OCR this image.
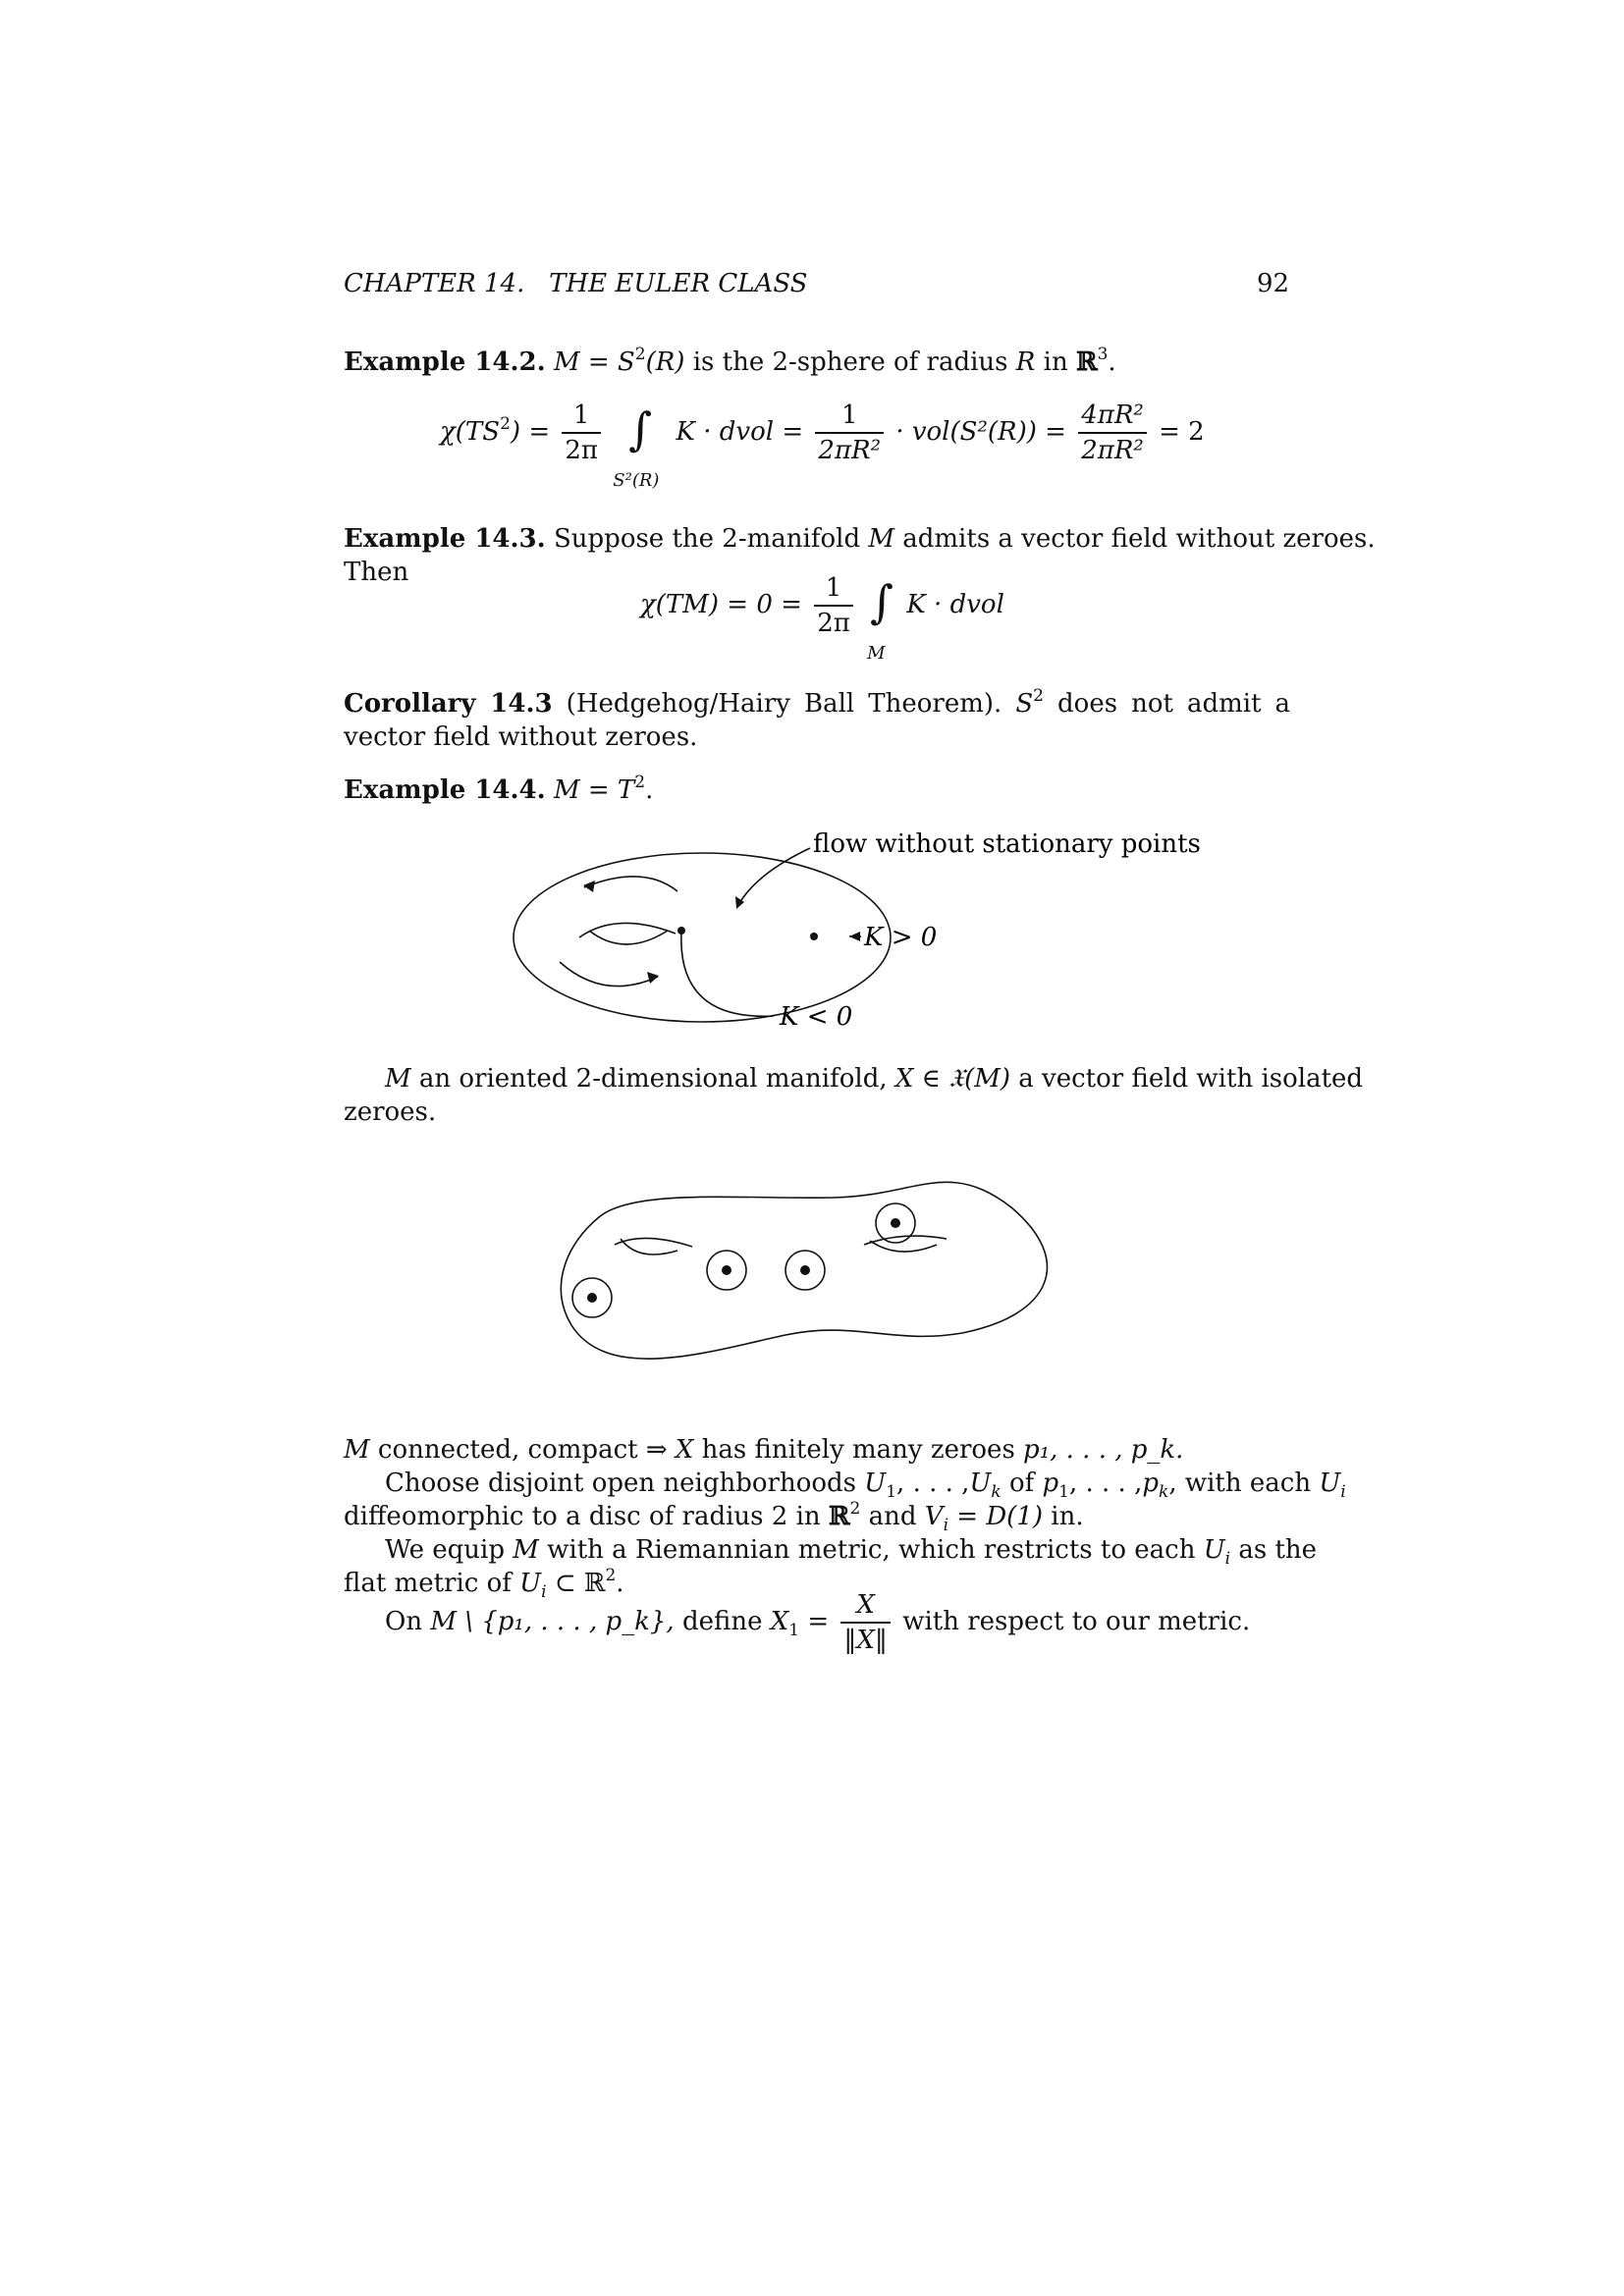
CHAPTER 14. THE EULER CLASS	92
Example 14.2. $M = S^2(R)$ is the 2-sphere of radius R in ℝ$^3$.
$\chi(TS^2) = \frac{1}{2\pi}$ ∫
S²(R)
K · dvol = $\frac{1}{\text{2πR²}} \cdot vol(S^2(R)) = \frac{\text{4πR²}}{\text{2πR²}} = 2$
Example 14.3. Suppose the 2-manifold M admits a vector field without zeroes.
Then
$\chi(TM) = 0 = \frac{1}{2\pi}$ ∫
M
K · dvol
Corollary 14.3 (Hedgehog/Hairy Ball Theorem). $S^2$ does not admit a vector field without zeroes.
Example 14.4. $M = T^2$.
flow without stationary points
K > 0
K < 0
M an oriented 2-dimensional manifold, X ∈ 𝔛(M) a vector field with isolated
zeroes.
M connected, compact ⇒ X has finitely many zeroes p₁, . . . , p_k.
Choose disjoint open neighborhoods $U_1$, . . . $,U_k$ of $p_1$, . . . $,p_k$, with each $U_i$
diffeomorphic to a disc of radius 2 in ℝ$^2$ and $V_i = D(1)$ in.
We equip M with a Riemannian metric, which restricts to each $U_i$ as the
flat metric of $U_i$ ⊂ ℝ$^2$.
On M \ {p₁, . . . , p_k}, define $X_1 = \frac{X}{‖X‖}$ with respect to our metric.
